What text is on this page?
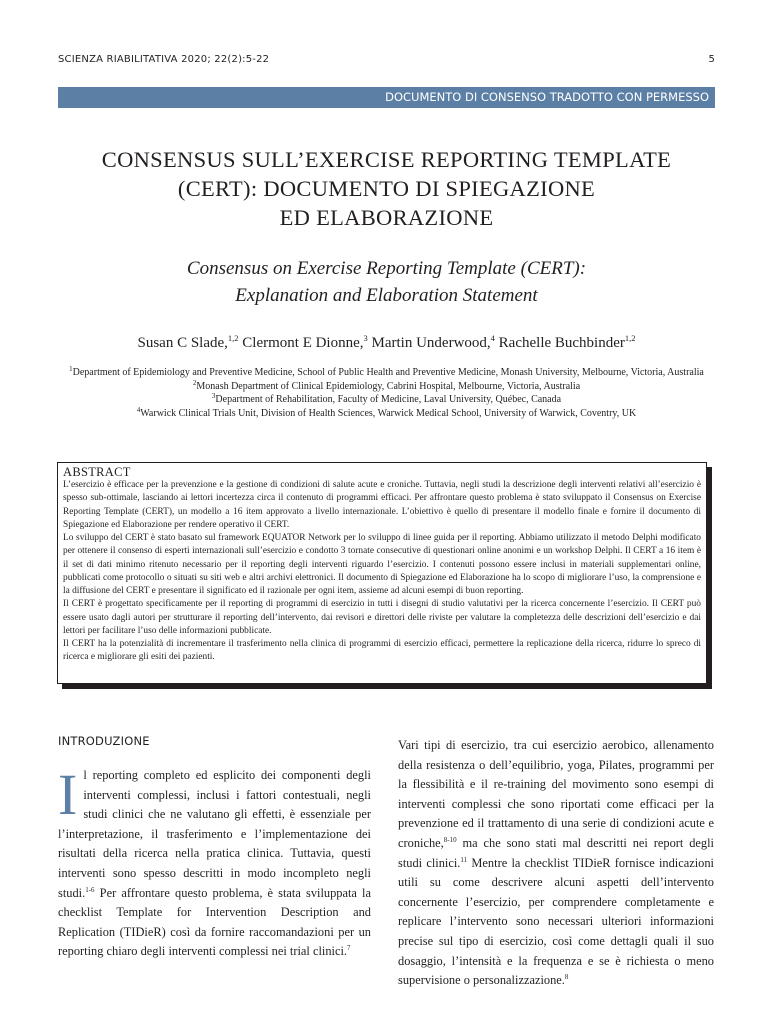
SCIENZA RIABILITATIVA 2020; 22(2):5-22	5
DOCUMENTO DI CONSENSO TRADOTTO CON PERMESSO
CONSENSUS SULL’EXERCISE REPORTING TEMPLATE
(CERT): DOCUMENTO DI SPIEGAZIONE
ED ELABORAZIONE
Consensus on Exercise Reporting Template (CERT):
Explanation and Elaboration Statement
Susan C Slade,$^{1,2}$ Clermont E Dionne,$^3$ Martin Underwood,$^4$ Rachelle Buchbinder$^{1,2}$
$^1$Department of Epidemiology and Preventive Medicine, School of Public Health and Preventive Medicine, Monash University, Melbourne, Victoria, Australia
$^2$Monash Department of Clinical Epidemiology, Cabrini Hospital, Melbourne, Victoria, Australia
$^3$Department of Rehabilitation, Faculty of Medicine, Laval University, Québec, Canada
$^4$Warwick Clinical Trials Unit, Division of Health Sciences, Warwick Medical School, University of Warwick, Coventry, UK
ABSTRACT

L’esercizio è efficace per la prevenzione e la gestione di condizioni di salute acute e croniche. Tuttavia, negli studi la descrizione degli interventi relativi all’esercizio è spesso sub-ottimale, lasciando ai lettori incertezza circa il contenuto di programmi efficaci. Per affrontare questo problema è stato sviluppato il Consensus on Exercise Reporting Template (CERT), un modello a 16 item approvato a livello internazionale. L’obiettivo è quello di presentare il modello finale e fornire il documento di Spiegazione ed Elaborazione per rendere operativo il CERT.

Lo sviluppo del CERT è stato basato sul framework EQUATOR Network per lo sviluppo di linee guida per il reporting. Abbiamo utilizzato il metodo Delphi modificato per ottenere il consenso di esperti internazionali sull’esercizio e condotto 3 tornate consecutive di questionari online anonimi e un workshop Delphi. Il CERT a 16 item è il set di dati minimo ritenuto necessario per il reporting degli interventi riguardo l’esercizio. I contenuti possono essere inclusi in materiali supplementari online, pubblicati come protocollo o situati su siti web e altri archivi elettronici. Il documento di Spiegazione ed Elaborazione ha lo scopo di migliorare l’uso, la comprensione e la diffusione del CERT e presentare il significato ed il razionale per ogni item, assieme ad alcuni esempi di buon reporting.

Il CERT è progettato specificamente per il reporting di programmi di esercizio in tutti i disegni di studio valutativi per la ricerca concernente l’esercizio. Il CERT può essere usato dagli autori per strutturare il reporting dell’intervento, dai revisori e direttori delle riviste per valutare la completezza delle descrizioni dell’esercizio e dai lettori per facilitare l’uso delle informazioni pubblicate.

Il CERT ha la potenzialità di incrementare il trasferimento nella clinica di programmi di esercizio efficaci, permettere la replicazione della ricerca, ridurre lo spreco di ricerca e migliorare gli esiti dei pazienti.

INTRODUZIONE

Il reporting completo ed esplicito dei componenti degli interventi complessi, inclusi i fattori contestuali, negli studi clinici che ne valutano gli effetti, è essenziale per l’interpretazione, il trasferimento e l’implementazione dei risultati della ricerca nella pratica clinica. Tuttavia, questi interventi sono spesso descritti in modo incompleto negli studi.$^{1-6}$ Per affrontare questo problema, è stata sviluppata la checklist Template for Intervention Description and Replication (TIDieR) così da fornire raccomandazioni per un reporting chiaro degli interventi complessi nei trial clinici.$^7$

Vari tipi di esercizio, tra cui esercizio aerobico, allenamento della resistenza o dell’equilibrio, yoga, Pilates, programmi per la flessibilità e il re-training del movimento sono esempi di interventi complessi che sono riportati come efficaci per la prevenzione ed il trattamento di una serie di condizioni acute e croniche,$^{8-10}$ ma che sono stati mal descritti nei report degli studi clinici.$^{11}$ Mentre la checklist TIDieR fornisce indicazioni utili su come descrivere alcuni aspetti dell’intervento concernente l’esercizio, per comprendere completamente e replicare l’intervento sono necessari ulteriori informazioni precise sul tipo di esercizio, così come dettagli quali il suo dosaggio, l’intensità e la frequenza e se è richiesta o meno supervisione o personalizzazione.$^8$
